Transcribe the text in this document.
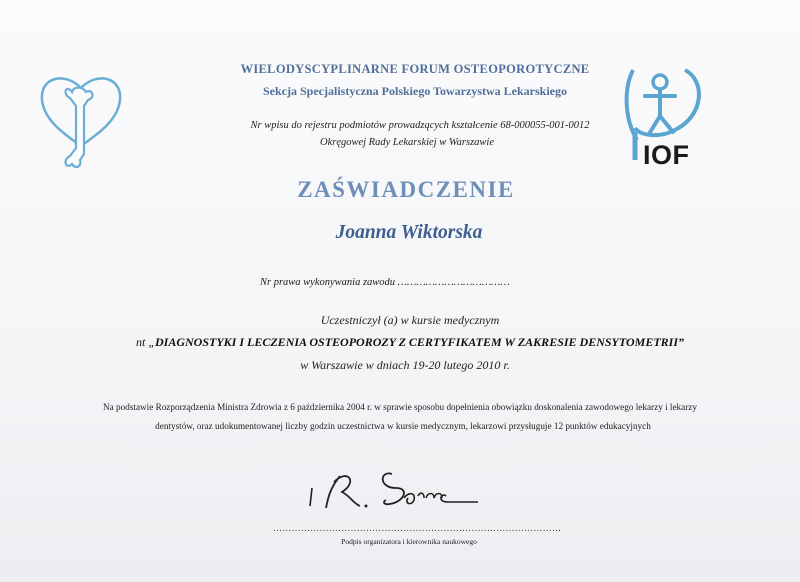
IOF
WIELODYSCYPLINARNE FORUM OSTEOPOROTYCZNE
Sekcja Specjalistyczna Polskiego Towarzystwa Lekarskiego
Nr wpisu do rejestru podmiotów prowadzących kształcenie 68-000055-001-0012
Okręgowej Rady Lekarskiej w Warszawie
ZAŚWIADCZENIE
Joanna Wiktorska
Nr prawa wykonywania zawodu ………………………………
Uczestniczył (a) w kursie medycznym
nt „DIAGNOSTYKI I LECZENIA OSTEOPOROZY Z CERTYFIKATEM W ZAKRESIE DENSYTOMETRII”
w Warszawie w dniach 19-20 lutego 2010 r.
Na podstawie Rozporządzenia Ministra Zdrowia z 6 października 2004 r. w sprawie sposobu dopełnienia obowiązku doskonalenia zawodowego lekarzy i lekarzy
dentystów, oraz udokumentowanej liczby godzin uczestnictwa w kursie medycznym, lekarzowi przysługuje 12 punktów edukacyjnych
…………………………………………………………………………………
Podpis organizatora i kierownika naukowego
